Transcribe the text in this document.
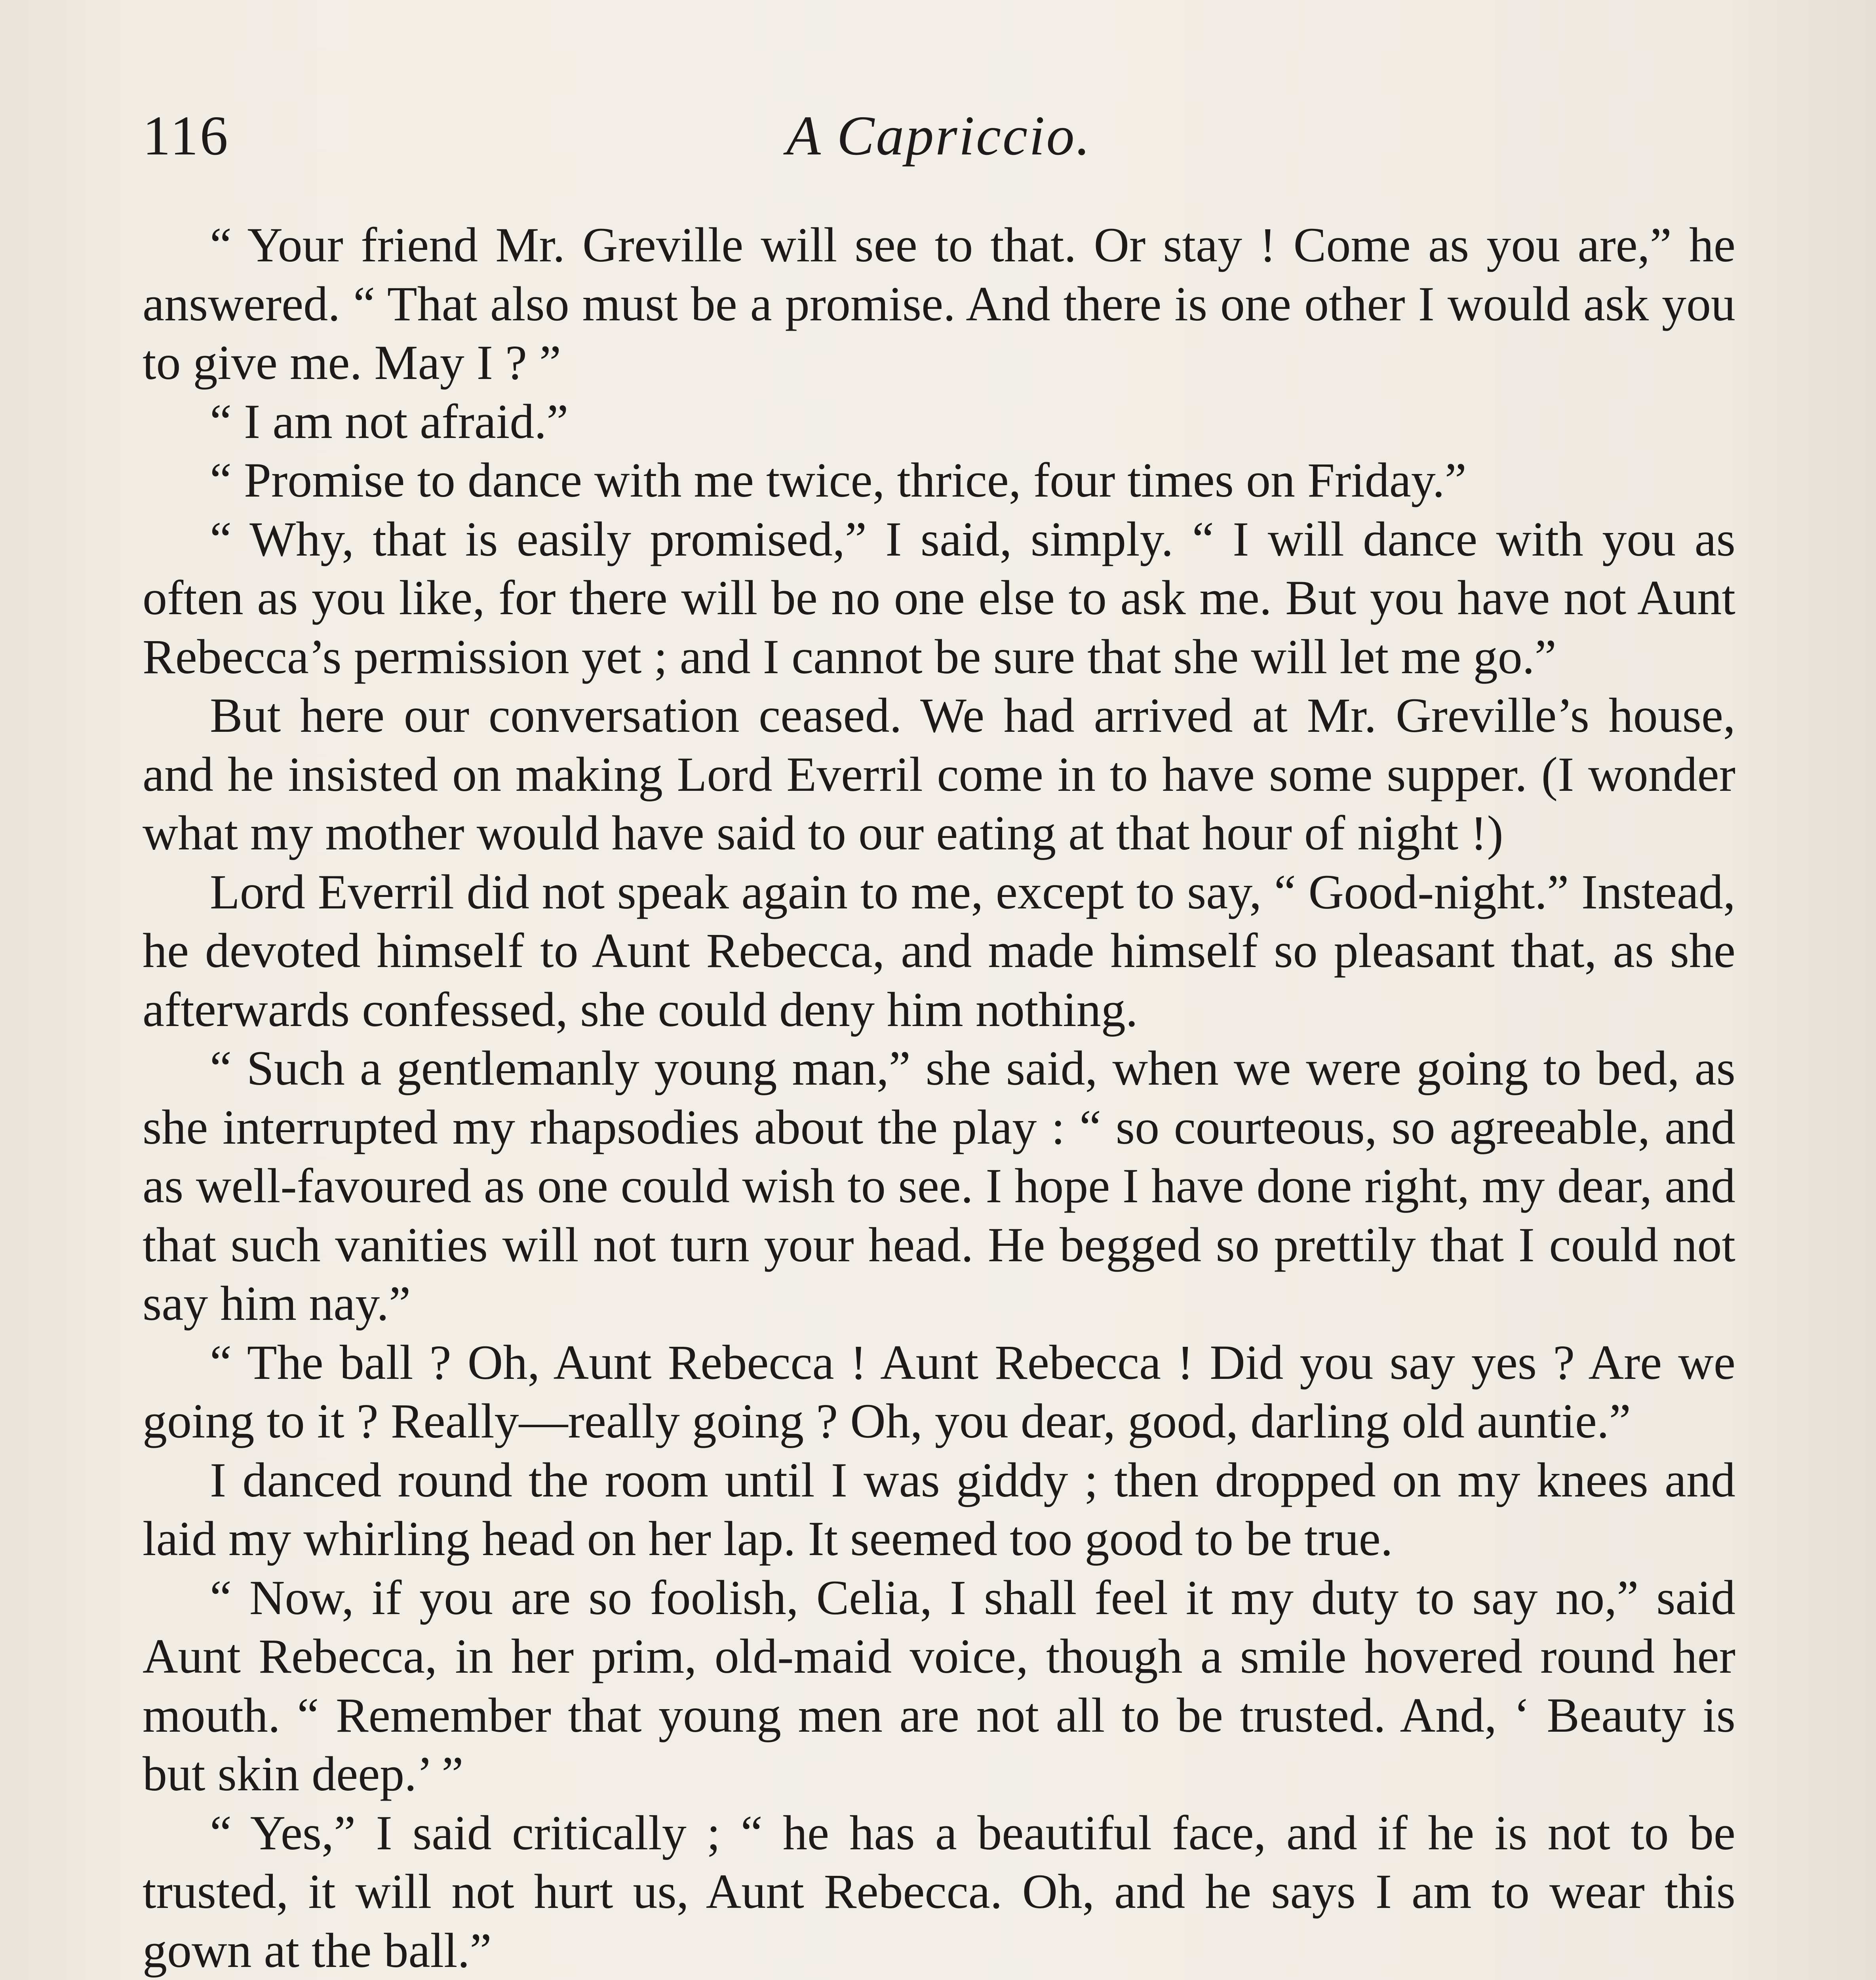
116	A Capriccio.

“ Your friend Mr. Greville will see to that. Or stay ! Come as you are,” he answered. “ That also must be a promise. And there is one other I would ask you to give me. May I ? ”

“ I am not afraid.”

“ Promise to dance with me twice, thrice, four times on Friday.”

“ Why, that is easily promised,” I said, simply. “ I will dance with you as often as you like, for there will be no one else to ask me. But you have not Aunt Rebecca’s permission yet ; and I cannot be sure that she will let me go.”

But here our conversation ceased. We had arrived at Mr. Greville’s house, and he insisted on making Lord Everril come in to have some supper. (I wonder what my mother would have said to our eating at that hour of night !)

Lord Everril did not speak again to me, except to say, “ Good-night.” Instead, he devoted himself to Aunt Rebecca, and made himself so pleasant that, as she afterwards confessed, she could deny him nothing.

“ Such a gentlemanly young man,” she said, when we were going to bed, as she interrupted my rhapsodies about the play : “ so courteous, so agreeable, and as well-favoured as one could wish to see. I hope I have done right, my dear, and that such vanities will not turn your head. He begged so prettily that I could not say him nay.”

“ The ball ? Oh, Aunt Rebecca ! Aunt Rebecca ! Did you say yes ? Are we going to it ? Really—really going ? Oh, you dear, good, darling old auntie.”

I danced round the room until I was giddy ; then dropped on my knees and laid my whirling head on her lap. It seemed too good to be true.

“ Now, if you are so foolish, Celia, I shall feel it my duty to say no,” said Aunt Rebecca, in her prim, old-maid voice, though a smile hovered round her mouth. “ Remember that young men are not all to be trusted. And, ‘ Beauty is but skin deep.’ ”

“ Yes,” I said critically ; “ he has a beautiful face, and if he is not to be trusted, it will not hurt us, Aunt Rebecca. Oh, and he says I am to wear this gown at the ball.”
